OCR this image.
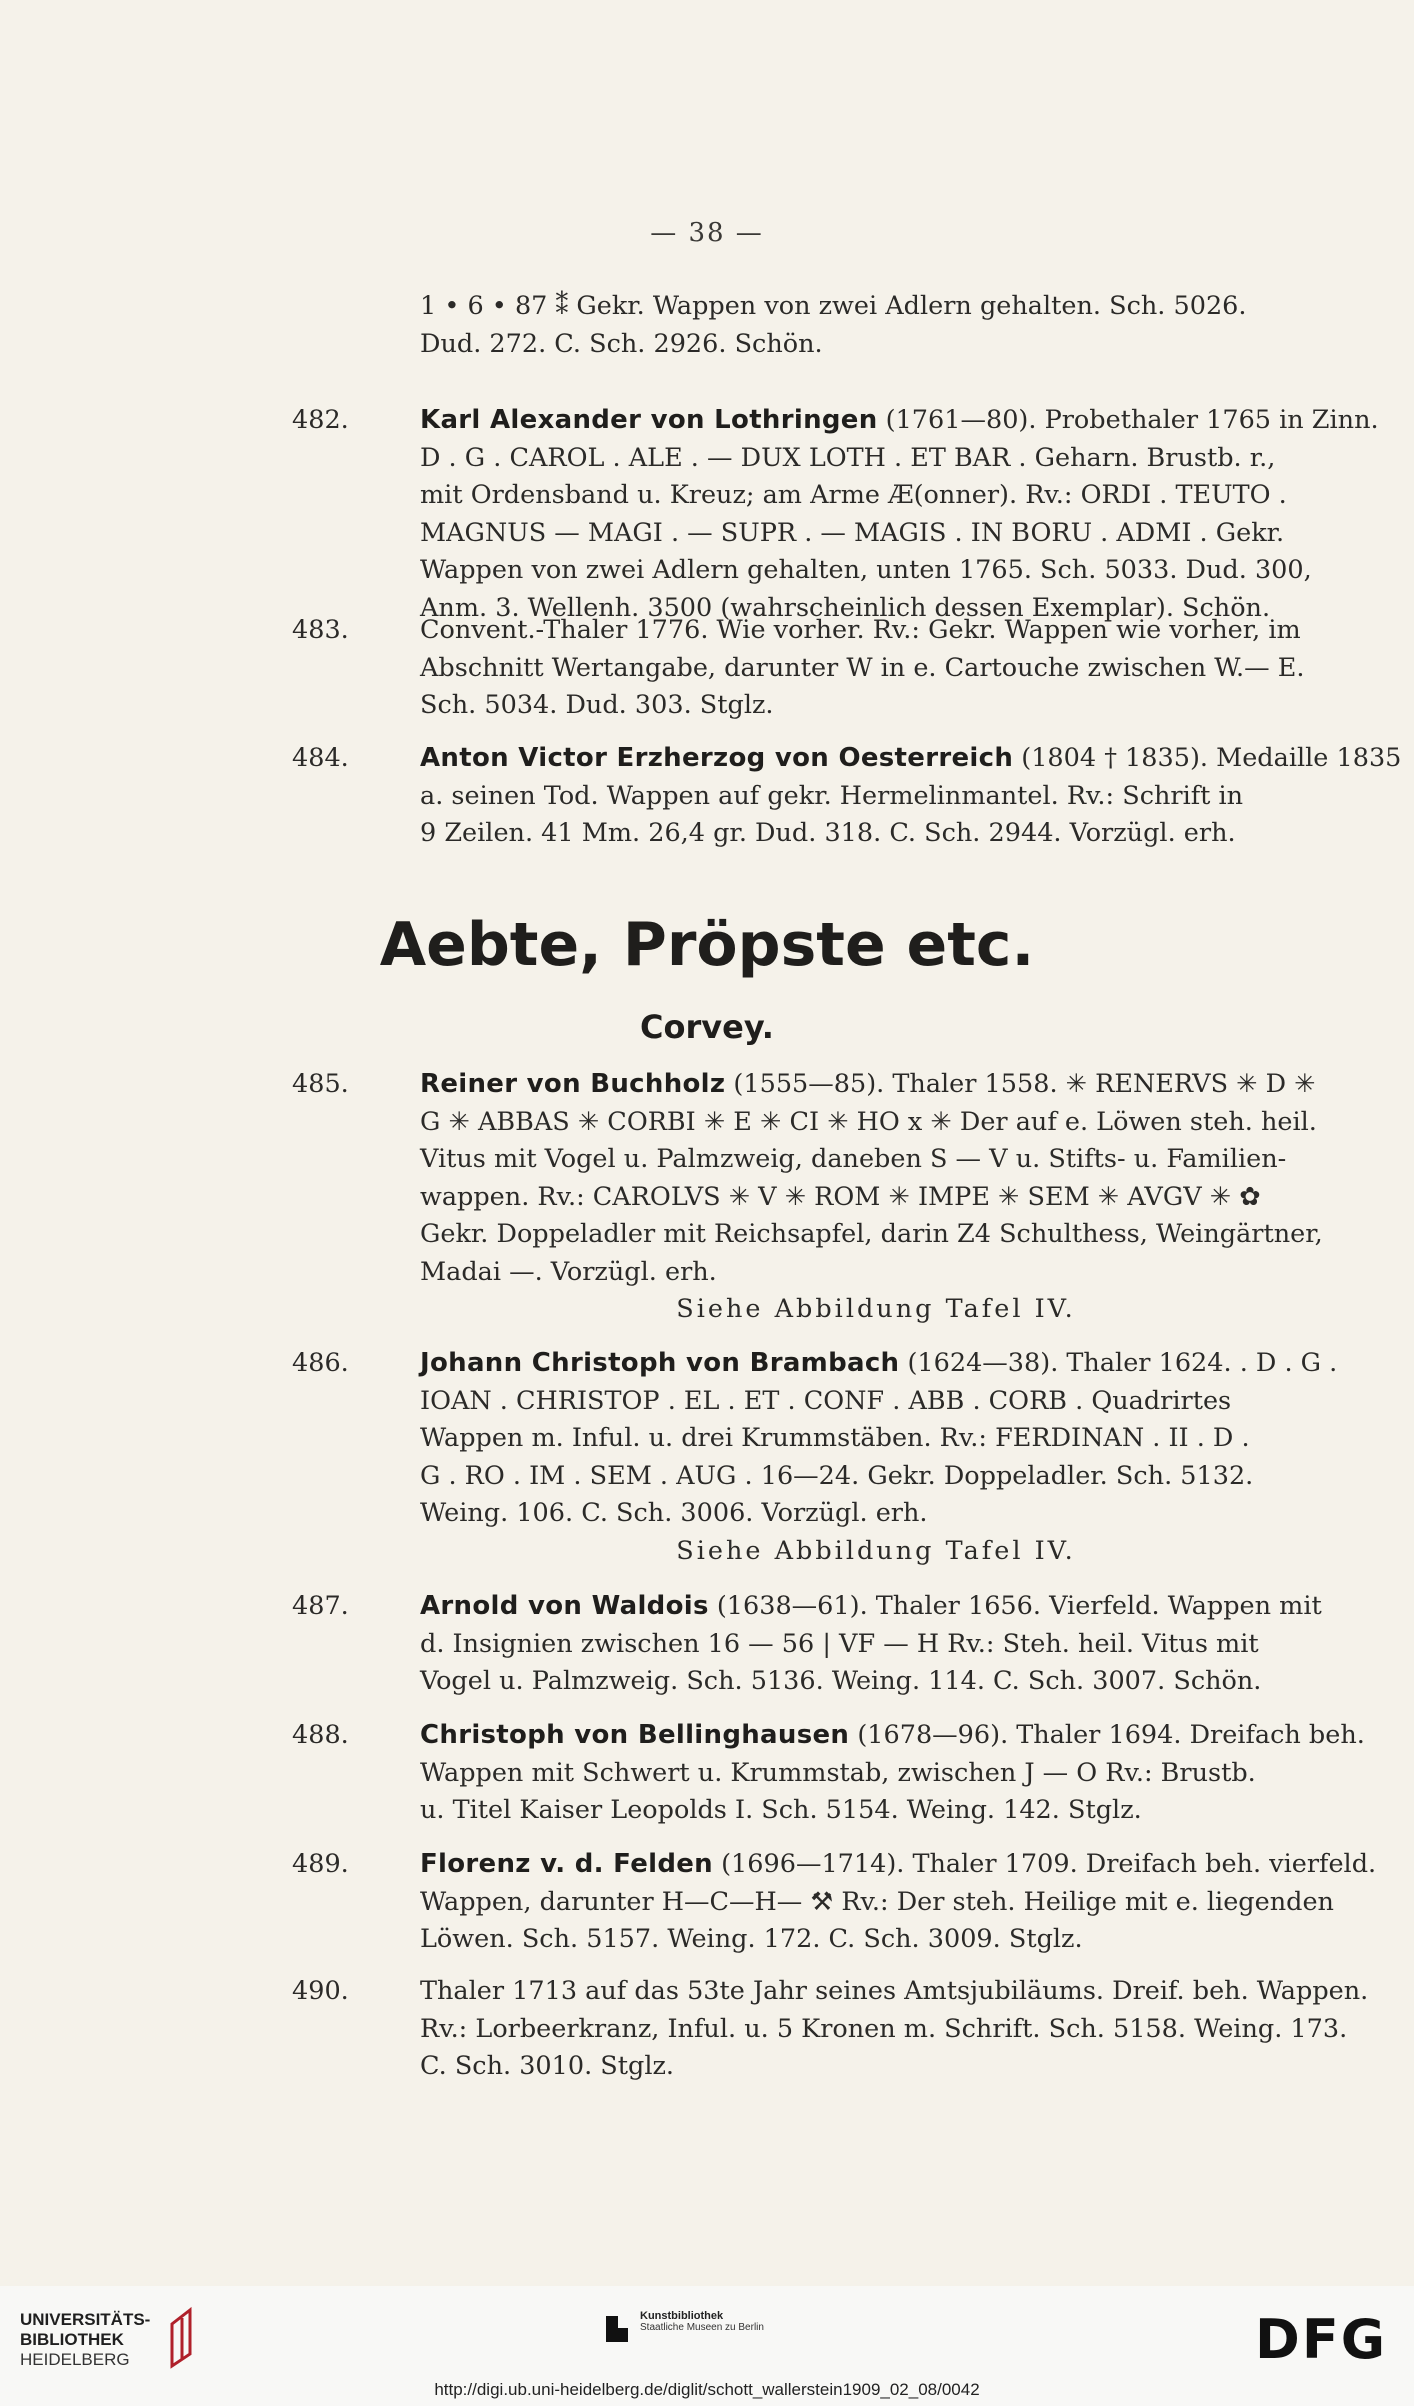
— 38 —
1 • 6 • 87 ⁑ Gekr. Wappen von zwei Adlern gehalten. Sch. 5026.
Dud. 272. C. Sch. 2926. Schön.
482.	Karl Alexander von Lothringen (1761—80). Probethaler 1765 in Zinn.
D . G . CAROL . ALE . — DUX LOTH . ET BAR . Geharn. Brustb. r.,
mit Ordensband u. Kreuz; am Arme Æ(onner). Rv.: ORDI . TEUTO .
MAGNUS — MAGI . — SUPR . — MAGIS . IN BORU . ADMI . Gekr.
Wappen von zwei Adlern gehalten, unten 1765. Sch. 5033. Dud. 300,
Anm. 3. Wellenh. 3500 (wahrscheinlich dessen Exemplar). Schön.
483.	Convent.-Thaler 1776. Wie vorher. Rv.: Gekr. Wappen wie vorher, im
Abschnitt Wertangabe, darunter W in e. Cartouche zwischen W.— E.
Sch. 5034. Dud. 303. Stglz.
484.	Anton Victor Erzherzog von Oesterreich (1804 † 1835). Medaille 1835
a. seinen Tod. Wappen auf gekr. Hermelinmantel. Rv.: Schrift in
9 Zeilen. 41 Mm. 26,4 gr. Dud. 318. C. Sch. 2944. Vorzügl. erh.
Aebte, Pröpste etc.
Corvey.
485.	Reiner von Buchholz (1555—85). Thaler 1558. ✳ RENERVS ✳ D ✳
G ✳ ABBAS ✳ CORBI ✳ E ✳ CI ✳ HO x ✳ Der auf e. Löwen steh. heil.
Vitus mit Vogel u. Palmzweig, daneben S — V u. Stifts- u. Familien-
wappen. Rv.: CAROLVS ✳ V ✳ ROM ✳ IMPE ✳ SEM ✳ AVGV ✳ ✿
Gekr. Doppeladler mit Reichsapfel, darin Z4 Schulthess, Weingärtner,
Madai —. Vorzügl. erh.
Siehe Abbildung Tafel IV.
486.	Johann Christoph von Brambach (1624—38). Thaler 1624. . D . G .
IOAN . CHRISTOP . EL . ET . CONF . ABB . CORB . Quadrirtes
Wappen m. Inful. u. drei Krummstäben. Rv.: FERDINAN . II . D .
G . RO . IM . SEM . AUG . 16—24. Gekr. Doppeladler. Sch. 5132.
Weing. 106. C. Sch. 3006. Vorzügl. erh.
Siehe Abbildung Tafel IV.
487.	Arnold von Waldois (1638—61). Thaler 1656. Vierfeld. Wappen mit
d. Insignien zwischen 16 — 56 | VF — H Rv.: Steh. heil. Vitus mit
Vogel u. Palmzweig. Sch. 5136. Weing. 114. C. Sch. 3007. Schön.
488.	Christoph von Bellinghausen (1678—96). Thaler 1694. Dreifach beh.
Wappen mit Schwert u. Krummstab, zwischen J — O Rv.: Brustb.
u. Titel Kaiser Leopolds I. Sch. 5154. Weing. 142. Stglz.
489.	Florenz v. d. Felden (1696—1714). Thaler 1709. Dreifach beh. vierfeld.
Wappen, darunter H—C—H— ⚒ Rv.: Der steh. Heilige mit e. liegenden
Löwen. Sch. 5157. Weing. 172. C. Sch. 3009. Stglz.
490.	Thaler 1713 auf das 53te Jahr seines Amtsjubiläums. Dreif. beh. Wappen.
Rv.: Lorbeerkranz, Inful. u. 5 Kronen m. Schrift. Sch. 5158. Weing. 173.
C. Sch. 3010. Stglz.
UNIVERSITÄTS-
BIBLIOTHEK
HEIDELBERG
Kunstbibliothek
Staatliche Museen zu Berlin	DFG
http://digi.ub.uni-heidelberg.de/diglit/schott_wallerstein1909_02_08/0042
